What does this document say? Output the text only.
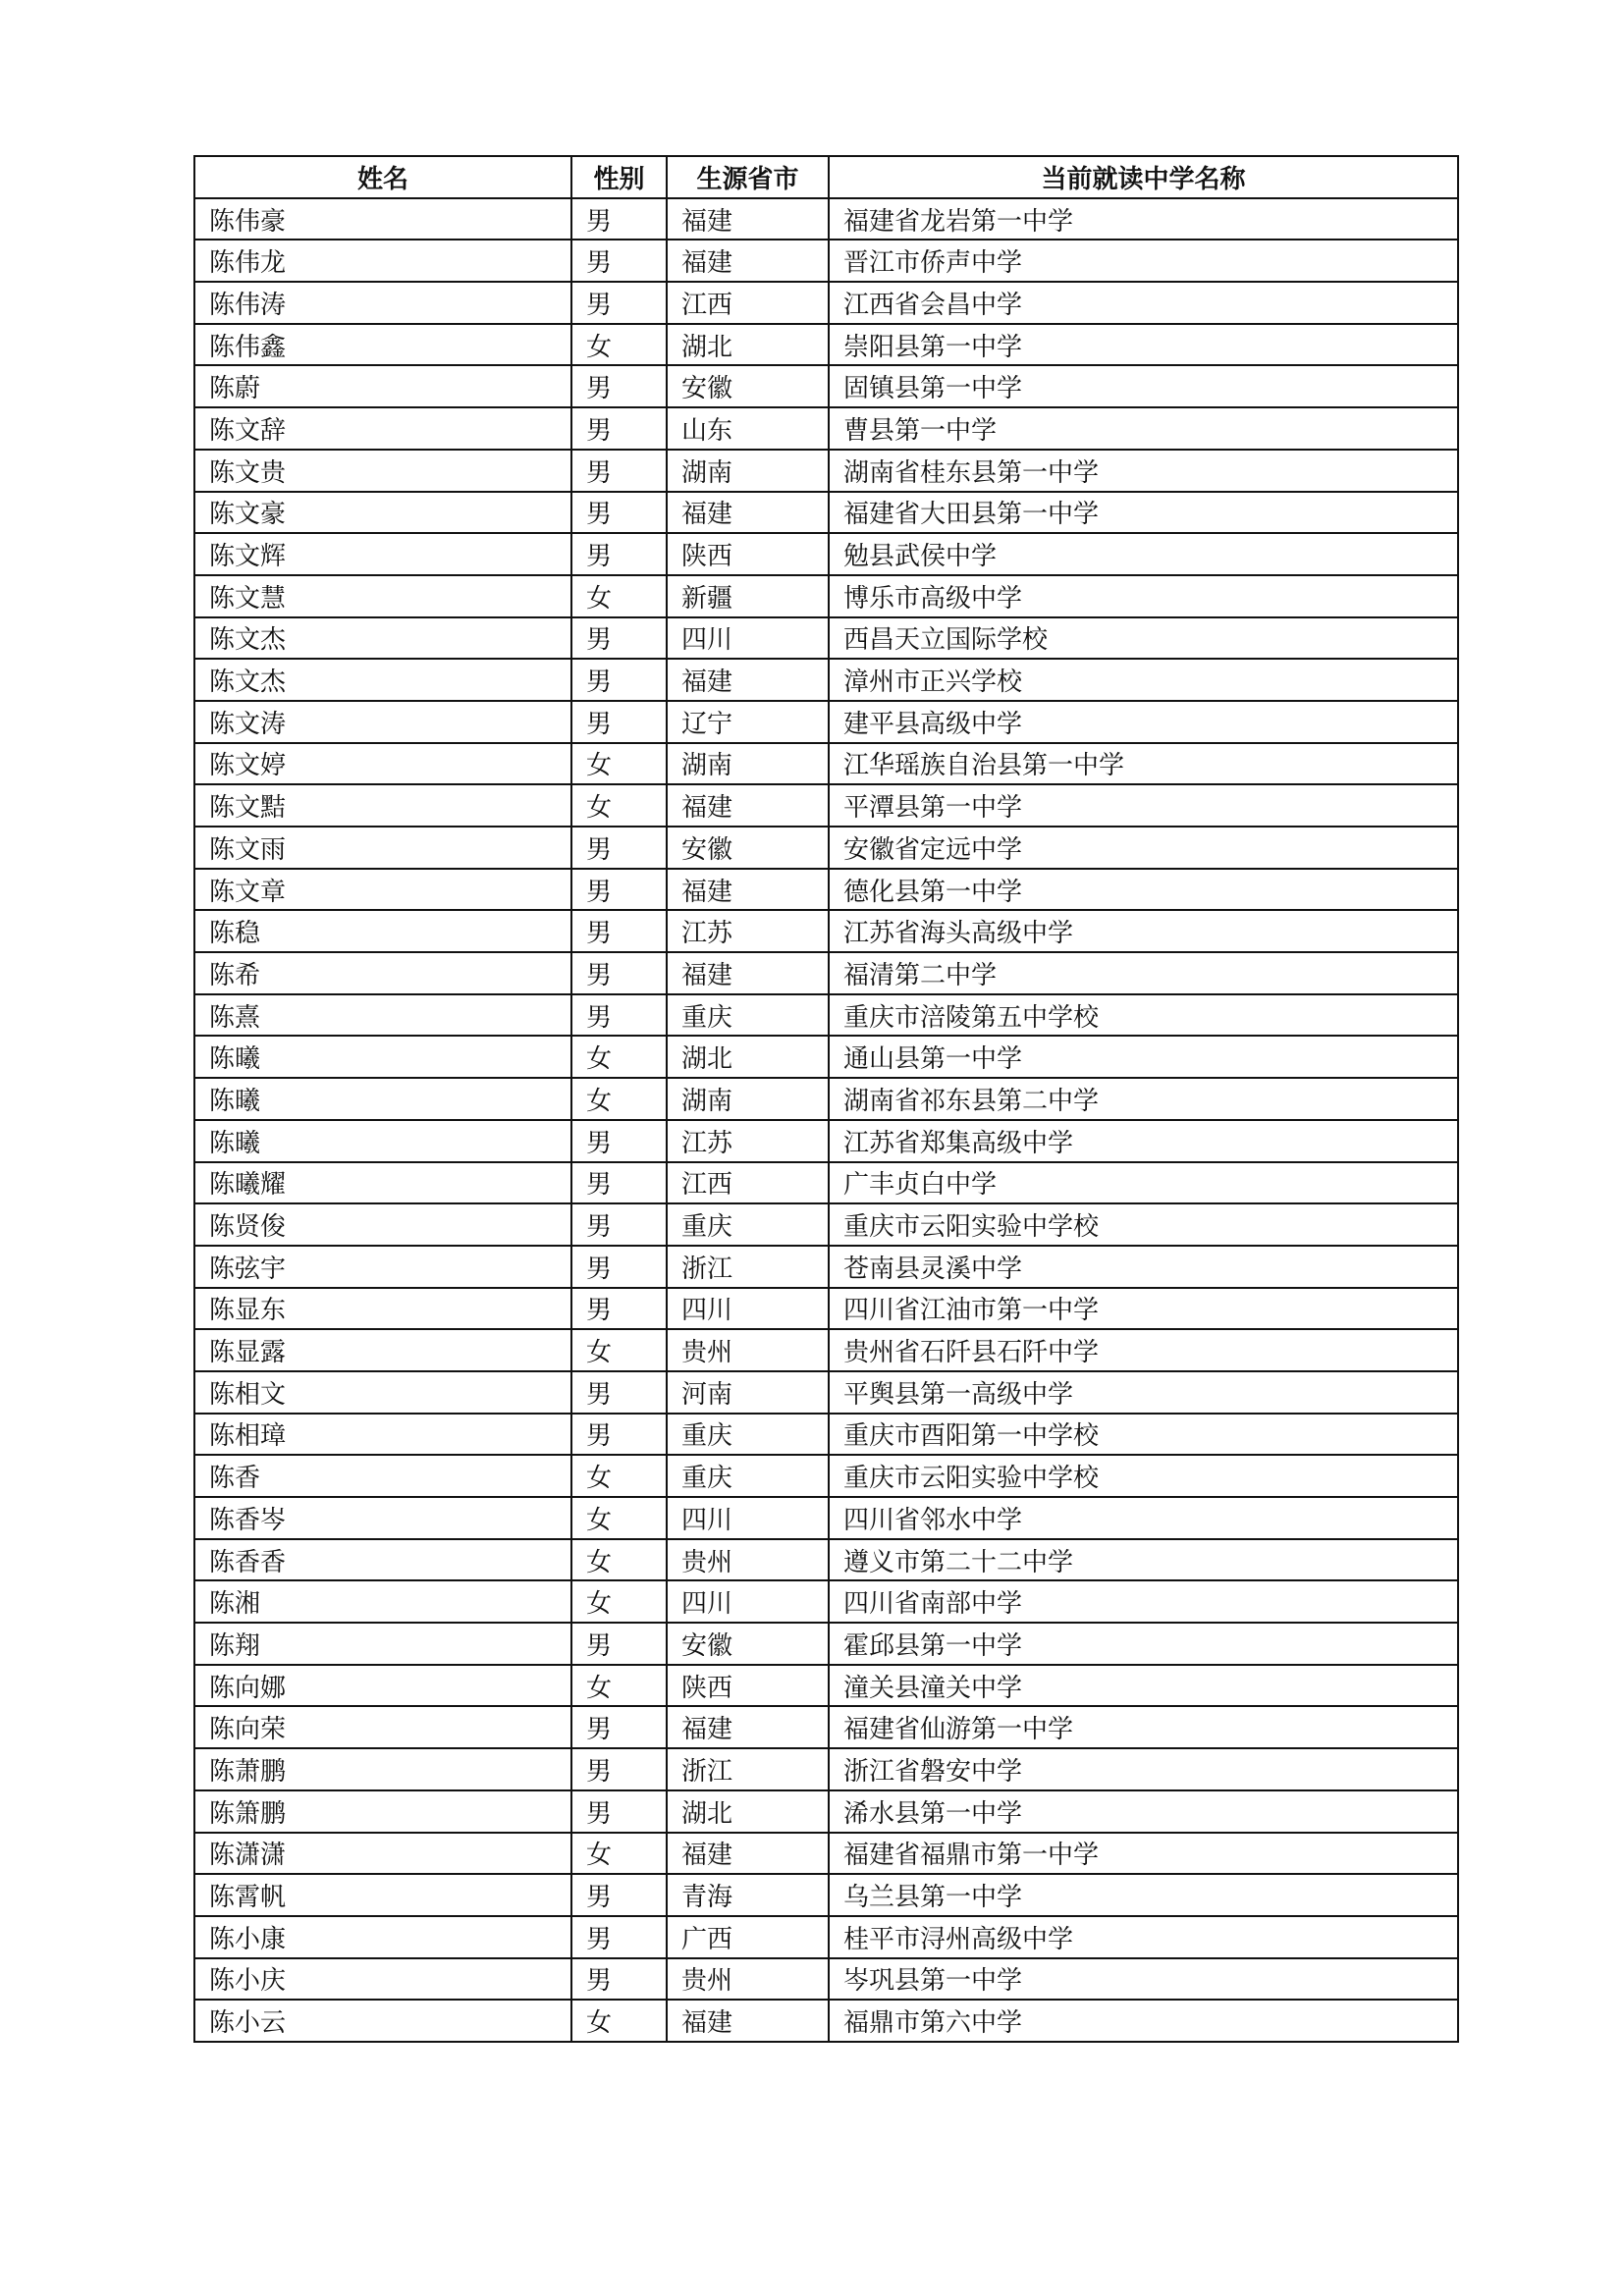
姓名	性别	生源省市	当前就读中学名称
陈伟豪	男	福建	福建省龙岩第一中学
陈伟龙	男	福建	晋江市侨声中学
陈伟涛	男	江西	江西省会昌中学
陈伟鑫	女	湖北	崇阳县第一中学
陈蔚	男	安徽	固镇县第一中学
陈文辞	男	山东	曹县第一中学
陈文贵	男	湖南	湖南省桂东县第一中学
陈文豪	男	福建	福建省大田县第一中学
陈文辉	男	陕西	勉县武侯中学
陈文慧	女	新疆	博乐市高级中学
陈文杰	男	四川	西昌天立国际学校
陈文杰	男	福建	漳州市正兴学校
陈文涛	男	辽宁	建平县高级中学
陈文婷	女	湖南	江华瑶族自治县第一中学
陈文黠	女	福建	平潭县第一中学
陈文雨	男	安徽	安徽省定远中学
陈文章	男	福建	德化县第一中学
陈稳	男	江苏	江苏省海头高级中学
陈希	男	福建	福清第二中学
陈熹	男	重庆	重庆市涪陵第五中学校
陈曦	女	湖北	通山县第一中学
陈曦	女	湖南	湖南省祁东县第二中学
陈曦	男	江苏	江苏省郑集高级中学
陈曦耀	男	江西	广丰贞白中学
陈贤俊	男	重庆	重庆市云阳实验中学校
陈弦宇	男	浙江	苍南县灵溪中学
陈显东	男	四川	四川省江油市第一中学
陈显露	女	贵州	贵州省石阡县石阡中学
陈相文	男	河南	平舆县第一高级中学
陈相璋	男	重庆	重庆市酉阳第一中学校
陈香	女	重庆	重庆市云阳实验中学校
陈香岑	女	四川	四川省邻水中学
陈香香	女	贵州	遵义市第二十二中学
陈湘	女	四川	四川省南部中学
陈翔	男	安徽	霍邱县第一中学
陈向娜	女	陕西	潼关县潼关中学
陈向荣	男	福建	福建省仙游第一中学
陈萧鹏	男	浙江	浙江省磐安中学
陈箫鹏	男	湖北	浠水县第一中学
陈潇潇	女	福建	福建省福鼎市第一中学
陈霄帆	男	青海	乌兰县第一中学
陈小康	男	广西	桂平市浔州高级中学
陈小庆	男	贵州	岑巩县第一中学
陈小云	女	福建	福鼎市第六中学
